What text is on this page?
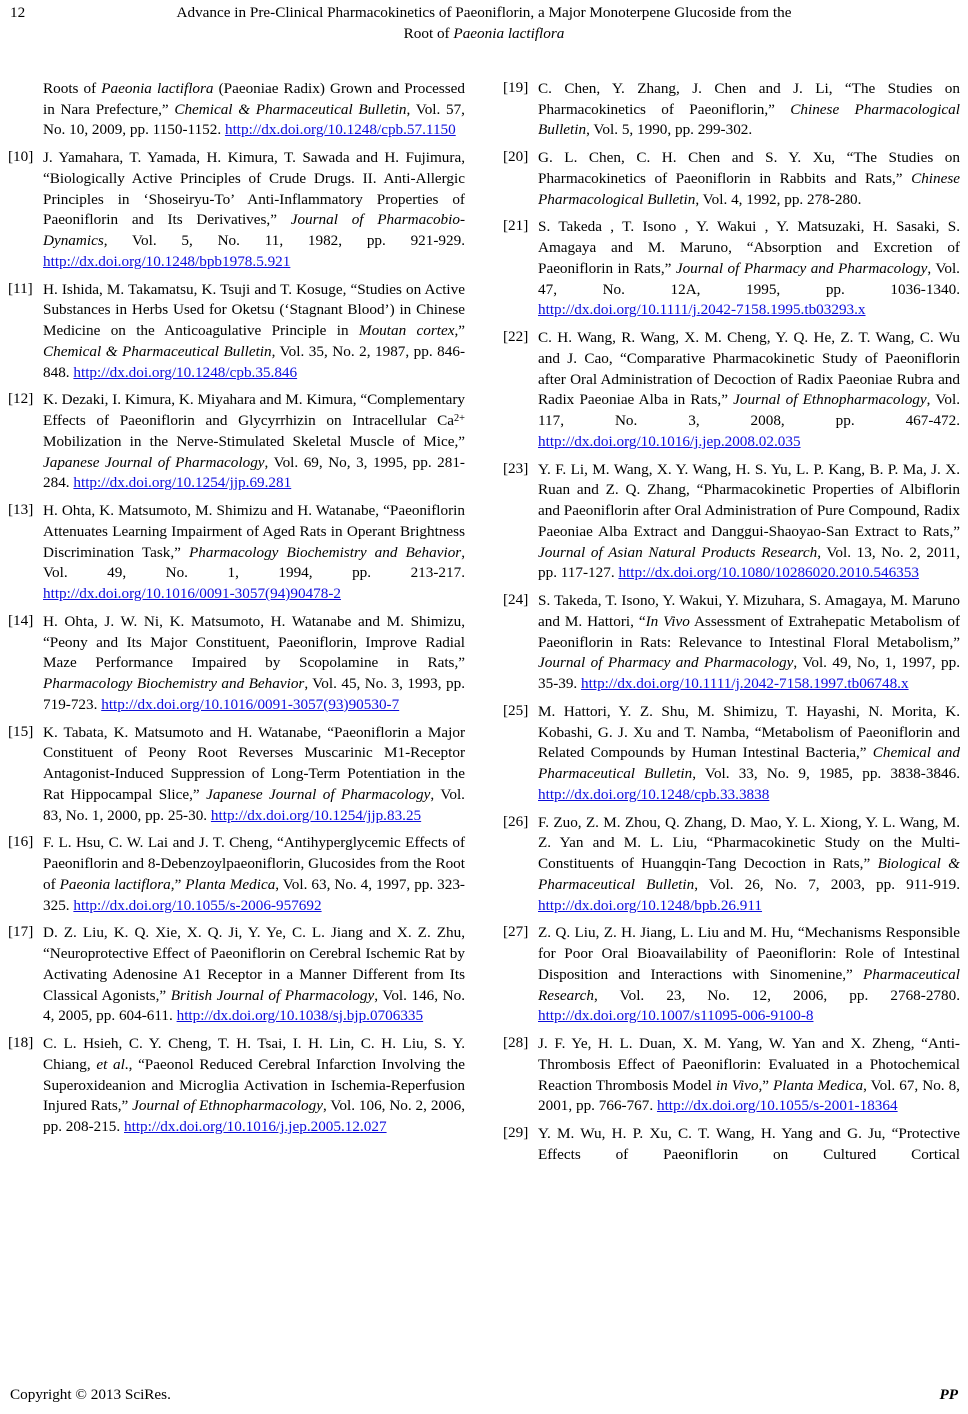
12	Advance in Pre-Clinical Pharmacokinetics of Paeoniflorin, a Major Monoterpene Glucoside from the
Root of Paeonia lactiflora

Roots of Paeonia lactiflora (Paeoniae Radix) Grown and Processed in Nara Prefecture,” Chemical & Pharmaceutical Bulletin, Vol. 57, No. 10, 2009, pp. 1150-1152. http://dx.doi.org/10.1248/cpb.57.1150

[10] J. Yamahara, T. Yamada, H. Kimura, T. Sawada and H. Fujimura, “Biologically Active Principles of Crude Drugs. II. Anti-Allergic Principles in ‘Shoseiryu-To’ Anti-Inflammatory Properties of Paeoniflorin and Its Derivatives,” Journal of Pharmacobio-Dynamics, Vol. 5, No. 11, 1982, pp. 921-929. http://dx.doi.org/10.1248/bpb1978.5.921

[11] H. Ishida, M. Takamatsu, K. Tsuji and T. Kosuge, “Studies on Active Substances in Herbs Used for Oketsu (‘Stagnant Blood’) in Chinese Medicine on the Anticoagulative Principle in Moutan cortex,” Chemical & Pharmaceutical Bulletin, Vol. 35, No. 2, 1987, pp. 846-848. http://dx.doi.org/10.1248/cpb.35.846

[12] K. Dezaki, I. Kimura, K. Miyahara and M. Kimura, “Complementary Effects of Paeoniflorin and Glycyrrhizin on Intracellular $Ca^{2+}$ Mobilization in the Nerve-Stimulated Skeletal Muscle of Mice,” Japanese Journal of Pharmacology, Vol. 69, No, 3, 1995, pp. 281-284. http://dx.doi.org/10.1254/jjp.69.281

[13] H. Ohta, K. Matsumoto, M. Shimizu and H. Watanabe, “Paeoniflorin Attenuates Learning Impairment of Aged Rats in Operant Brightness Discrimination Task,” Pharmacology Biochemistry and Behavior, Vol. 49, No. 1, 1994, pp. 213-217. http://dx.doi.org/10.1016/0091-3057(94)90478-2

[14] H. Ohta, J. W. Ni, K. Matsumoto, H. Watanabe and M. Shimizu, “Peony and Its Major Constituent, Paeoniflorin, Improve Radial Maze Performance Impaired by Scopolamine in Rats,” Pharmacology Biochemistry and Behavior, Vol. 45, No. 3, 1993, pp. 719-723. http://dx.doi.org/10.1016/0091-3057(93)90530-7

[15] K. Tabata, K. Matsumoto and H. Watanabe, “Paeoniflorin a Major Constituent of Peony Root Reverses Muscarinic M1-Receptor Antagonist-Induced Suppression of Long-Term Potentiation in the Rat Hippocampal Slice,” Japanese Journal of Pharmacology, Vol. 83, No. 1, 2000, pp. 25-30. http://dx.doi.org/10.1254/jjp.83.25

[16] F. L. Hsu, C. W. Lai and J. T. Cheng, “Antihyperglycemic Effects of Paeoniflorin and 8-Debenzoylpaeoniflorin, Glucosides from the Root of Paeonia lactiflora,” Planta Medica, Vol. 63, No. 4, 1997, pp. 323-325. http://dx.doi.org/10.1055/s-2006-957692

[17] D. Z. Liu, K. Q. Xie, X. Q. Ji, Y. Ye, C. L. Jiang and X. Z. Zhu, “Neuroprotective Effect of Paeoniflorin on Cerebral Ischemic Rat by Activating Adenosine A1 Receptor in a Manner Different from Its Classical Agonists,” British Journal of Pharmacology, Vol. 146, No. 4, 2005, pp. 604-611. http://dx.doi.org/10.1038/sj.bjp.0706335

[18] C. L. Hsieh, C. Y. Cheng, T. H. Tsai, I. H. Lin, C. H. Liu, S. Y. Chiang, et al., “Paeonol Reduced Cerebral Infarction Involving the Superoxideanion and Microglia Activation in Ischemia-Reperfusion Injured Rats,” Journal of Ethnopharmacology, Vol. 106, No. 2, 2006, pp. 208-215. http://dx.doi.org/10.1016/j.jep.2005.12.027

[19] C. Chen, Y. Zhang, J. Chen and J. Li, “The Studies on Pharmacokinetics of Paeoniflorin,” Chinese Pharmacological Bulletin, Vol. 5, 1990, pp. 299-302.

[20] G. L. Chen, C. H. Chen and S. Y. Xu, “The Studies on Pharmacokinetics of Paeoniflorin in Rabbits and Rats,” Chinese Pharmacological Bulletin, Vol. 4, 1992, pp. 278-280.

[21] S. Takeda , T. Isono , Y. Wakui , Y. Matsuzaki, H. Sasaki, S. Amagaya and M. Maruno, “Absorption and Excretion of Paeoniflorin in Rats,” Journal of Pharmacy and Pharmacology, Vol. 47, No. 12A, 1995, pp. 1036-1340. http://dx.doi.org/10.1111/j.2042-7158.1995.tb03293.x

[22] C. H. Wang, R. Wang, X. M. Cheng, Y. Q. He, Z. T. Wang, C. Wu and J. Cao, “Comparative Pharmacokinetic Study of Paeoniflorin after Oral Administration of Decoction of Radix Paeoniae Rubra and Radix Paeoniae Alba in Rats,” Journal of Ethnopharmacology, Vol. 117, No. 3, 2008, pp. 467-472. http://dx.doi.org/10.1016/j.jep.2008.02.035

[23] Y. F. Li, M. Wang, X. Y. Wang, H. S. Yu, L. P. Kang, B. P. Ma, J. X. Ruan and Z. Q. Zhang, “Pharmacokinetic Properties of Albiflorin and Paeoniflorin after Oral Administration of Pure Compound, Radix Paeoniae Alba Extract and Danggui-Shaoyao-San Extract to Rats,” Journal of Asian Natural Products Research, Vol. 13, No. 2, 2011, pp. 117-127. http://dx.doi.org/10.1080/10286020.2010.546353

[24] S. Takeda, T. Isono, Y. Wakui, Y. Mizuhara, S. Amagaya, M. Maruno and M. Hattori, “In Vivo Assessment of Extrahepatic Metabolism of Paeoniflorin in Rats: Relevance to Intestinal Floral Metabolism,” Journal of Pharmacy and Pharmacology, Vol. 49, No, 1, 1997, pp. 35-39. http://dx.doi.org/10.1111/j.2042-7158.1997.tb06748.x

[25] M. Hattori, Y. Z. Shu, M. Shimizu, T. Hayashi, N. Morita, K. Kobashi, G. J. Xu and T. Namba, “Metabolism of Paeoniflorin and Related Compounds by Human Intestinal Bacteria,” Chemical and Pharmaceutical Bulletin, Vol. 33, No. 9, 1985, pp. 3838-3846. http://dx.doi.org/10.1248/cpb.33.3838

[26] F. Zuo, Z. M. Zhou, Q. Zhang, D. Mao, Y. L. Xiong, Y. L. Wang, M. Z. Yan and M. L. Liu, “Pharmacokinetic Study on the Multi-Constituents of Huangqin-Tang Decoction in Rats,” Biological & Pharmaceutical Bulletin, Vol. 26, No. 7, 2003, pp. 911-919. http://dx.doi.org/10.1248/bpb.26.911

[27] Z. Q. Liu, Z. H. Jiang, L. Liu and M. Hu, “Mechanisms Responsible for Poor Oral Bioavailability of Paeoniflorin: Role of Intestinal Disposition and Interactions with Sinomenine,” Pharmaceutical Research, Vol. 23, No. 12, 2006, pp. 2768-2780. http://dx.doi.org/10.1007/s11095-006-9100-8

[28] J. F. Ye, H. L. Duan, X. M. Yang, W. Yan and X. Zheng, “Anti-Thrombosis Effect of Paeoniflorin: Evaluated in a Photochemical Reaction Thrombosis Model in Vivo,” Planta Medica, Vol. 67, No. 8, 2001, pp. 766-767. http://dx.doi.org/10.1055/s-2001-18364

[29] Y. M. Wu, H. P. Xu, C. T. Wang, H. Yang and G. Ju, “Protective Effects of Paeoniflorin on Cultured Cortical

Copyright © 2013 SciRes.	PP
